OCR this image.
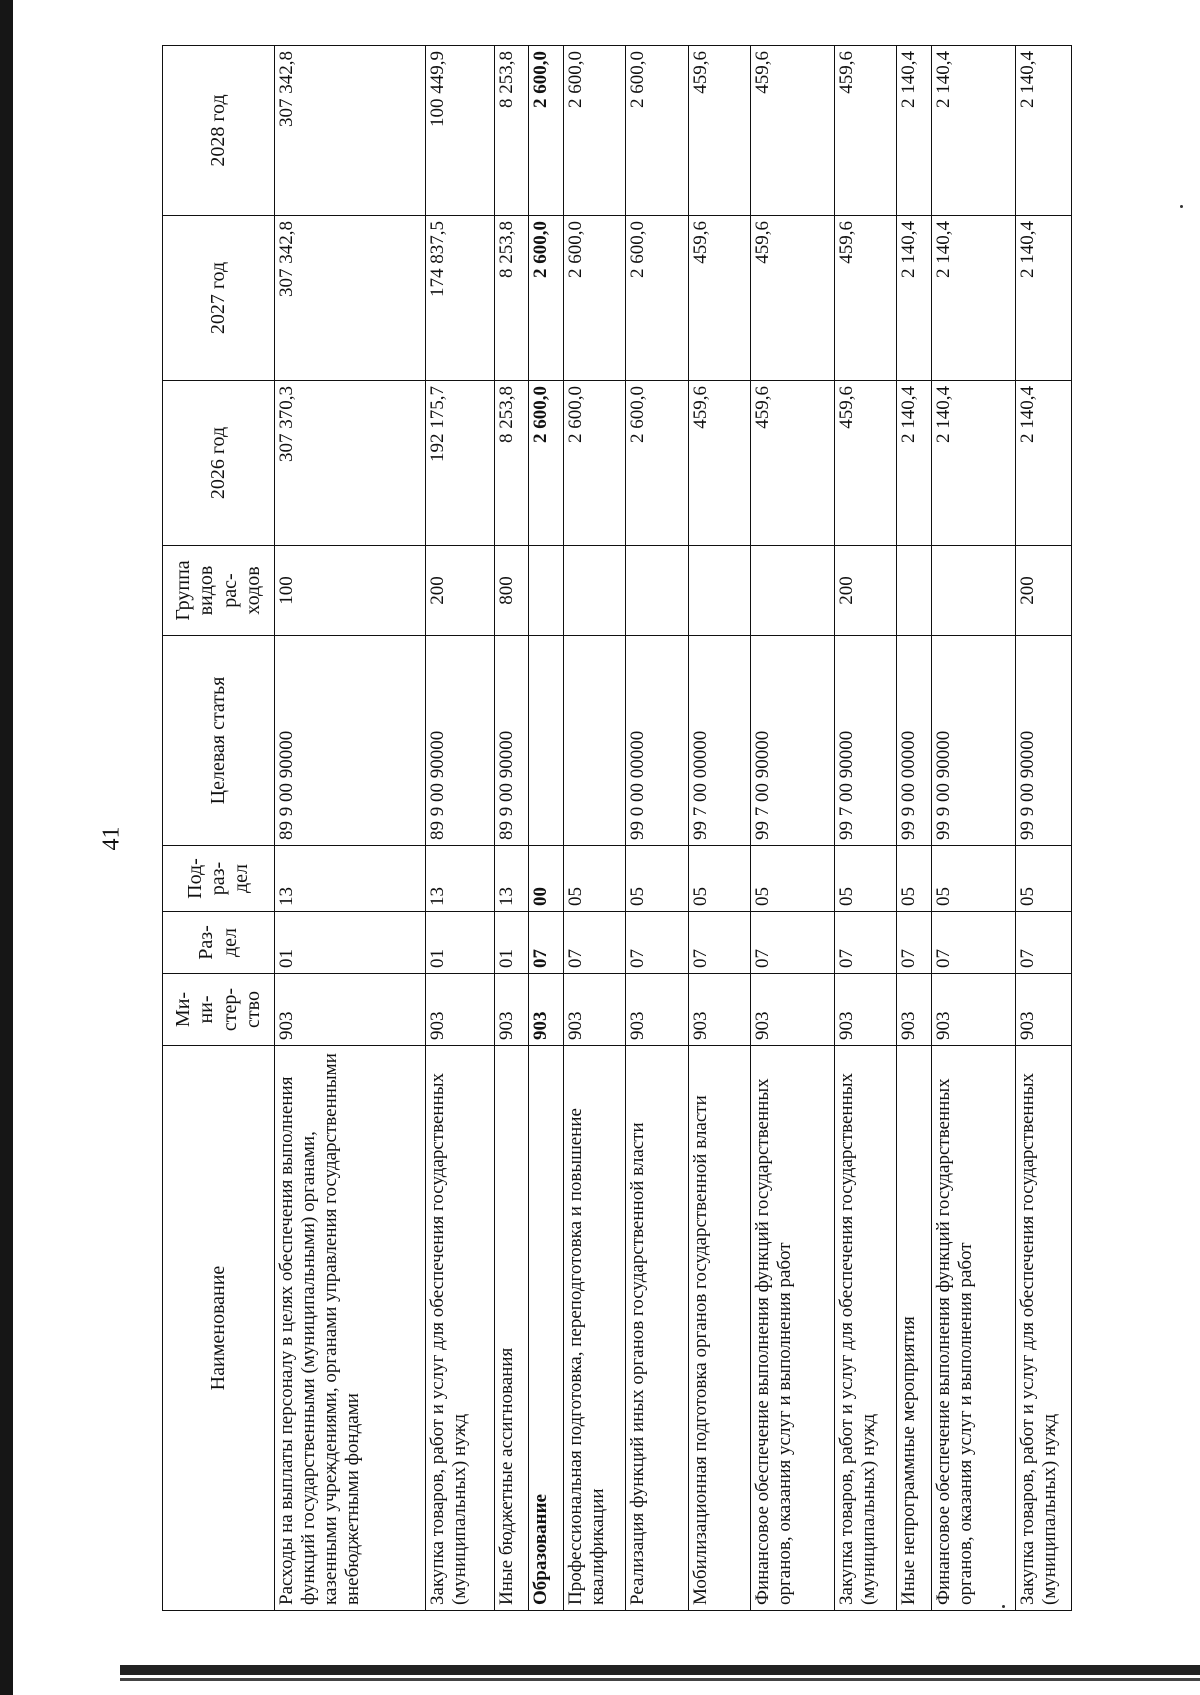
41
Наименование	Ми-ни-стер-ство	Раз-дел	Под-раз-дел	Целевая статья	Группа видов рас-ходов	2026 год	2027 год	2028 год
Расходы на выплаты персоналу в целях обеспечения выполнения функций государственными (муниципальными) органами, казенными учреждениями, органами управления государственными внебюджетными фондами	903	01	13	89 9 00 90000	100	307 370,3	307 342,8	307 342,8
Закупка товаров, работ и услуг для обеспечения государственных (муниципальных) нужд	903	01	13	89 9 00 90000	200	192 175,7	174 837,5	100 449,9
Иные бюджетные ассигнования	903	01	13	89 9 00 90000	800	8 253,8	8 253,8	8 253,8
Образование	903	07	00			2 600,0	2 600,0	2 600,0
Профессиональная подготовка, переподготовка и повышение квалификации	903	07	05			2 600,0	2 600,0	2 600,0
Реализация функций иных органов государственной власти	903	07	05	99 0 00 00000		2 600,0	2 600,0	2 600,0
Мобилизационная подготовка органов государственной власти	903	07	05	99 7 00 00000		459,6	459,6	459,6
Финансовое обеспечение выполнения функций государственных органов, оказания услуг и выполнения работ	903	07	05	99 7 00 90000		459,6	459,6	459,6
Закупка товаров, работ и услуг для обеспечения государственных (муниципальных) нужд	903	07	05	99 7 00 90000	200	459,6	459,6	459,6
Иные непрограммные мероприятия	903	07	05	99 9 00 00000		2 140,4	2 140,4	2 140,4
Финансовое обеспечение выполнения функций государственных органов, оказания услуг и выполнения работ	903	07	05	99 9 00 90000		2 140,4	2 140,4	2 140,4
Закупка товаров, работ и услуг для обеспечения государственных (муниципальных) нужд	903	07	05	99 9 00 90000	200	2 140,4	2 140,4	2 140,4
